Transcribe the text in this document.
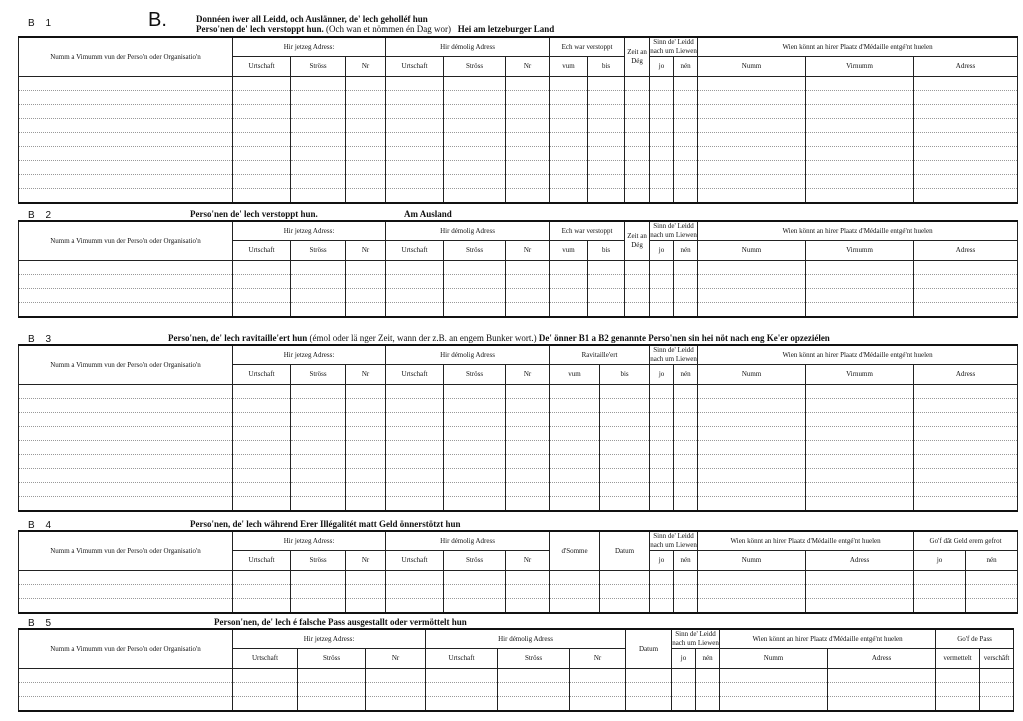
B 1	B.	Donnéen iwer all Leidd, och Auslänner, de' lech geholléf hun
Perso'nen de' lech verstoppt hun. (Och wan et nömmen én Dag wor) Hei am letzeburger Land
Numm a Vimumm vun der Perso'n oder Organisatio'n	Hir jetzeg Adress:			Hir démolig Adress			Ech war verstoppt		Zeit an Dég	Sinn de' Leidd nach um Liewen		Wien könnt an hirer Plaatz d'Médaille entgé'nt huelen	
	Urtschaft	Ströss	Nr	Urtschaft	Ströss	Nr	vum	bis		jo	nén	Numm	Virnumm	Adress	

B 2	Perso'nen de' lech verstoppt hun.	Am Ausland
Numm a Vimumm vun der Perso'n oder Organisatio'n	Hir jetzeg Adress:			Hir démolig Adress			Ech war verstoppt		Zeit an Dég	Sinn de' Leidd nach um Liewen		Wien könnt an hirer Plaatz d'Médaille entgé'nt huelen	
	Urtschaft	Ströss	Nr	Urtschaft	Ströss	Nr	vum	bis		jo	nén	Numm	Virnumm	Adress	

B 3	Perso'nen, de' lech ravitaille'ert hun (émol oder lä nger Zeit, wann der z.B. an engem Bunker wort.) De' önner B1 a B2 genannte Perso'nen sin hei nöt nach eng Ke'er opzeziélen
Numm a Vimumm vun der Perso'n oder Organisatio'n	Hir jetzeg Adress:			Hir démolig Adress			Ravitaille'ert		Sinn de' Leidd nach um Liewen		Wien könnt an hirer Plaatz d'Médaille entgé'nt huelen	
	Urtschaft	Ströss	Nr	Urtschaft	Ströss	Nr	vum	bis	jo	nén	Numm	Virnumm	Adress	

B 4	Perso'nen, de' lech während Erer Illégalitét matt Geld önnerstötzt hun
Numm a Vimumm vun der Perso'n oder Organisatio'n	Hir jetzeg Adress:			Hir démolig Adress			d'Somme	Datum	Sinn de' Leidd nach um Liewen		Wien könnt an hirer Plaatz d'Médaille entgé'nt huelen		Go'f dât Geld erem gefrot	
	Urtschaft	Ströss	Nr	Urtschaft	Ströss	Nr			jo	nén	Numm	Adress	jo	nén

B 5	Person'nen, de' lech é falsche Pass ausgestallt oder vermöttelt hun
Numm a Vimumm vun der Perso'n oder Organisatio'n	Hir jetzeg Adress:			Hir démolig Adress			Datum	Sinn de' Leidd nach um Liewen		Wien könnt an hirer Plaatz d'Médaille entgé'nt huelen		Go'f de Pass	
	Urtschaft	Ströss	Nr	Urtschaft	Ströss	Nr		jo	nén	Numm	Adress	vermettelt	verschâft
